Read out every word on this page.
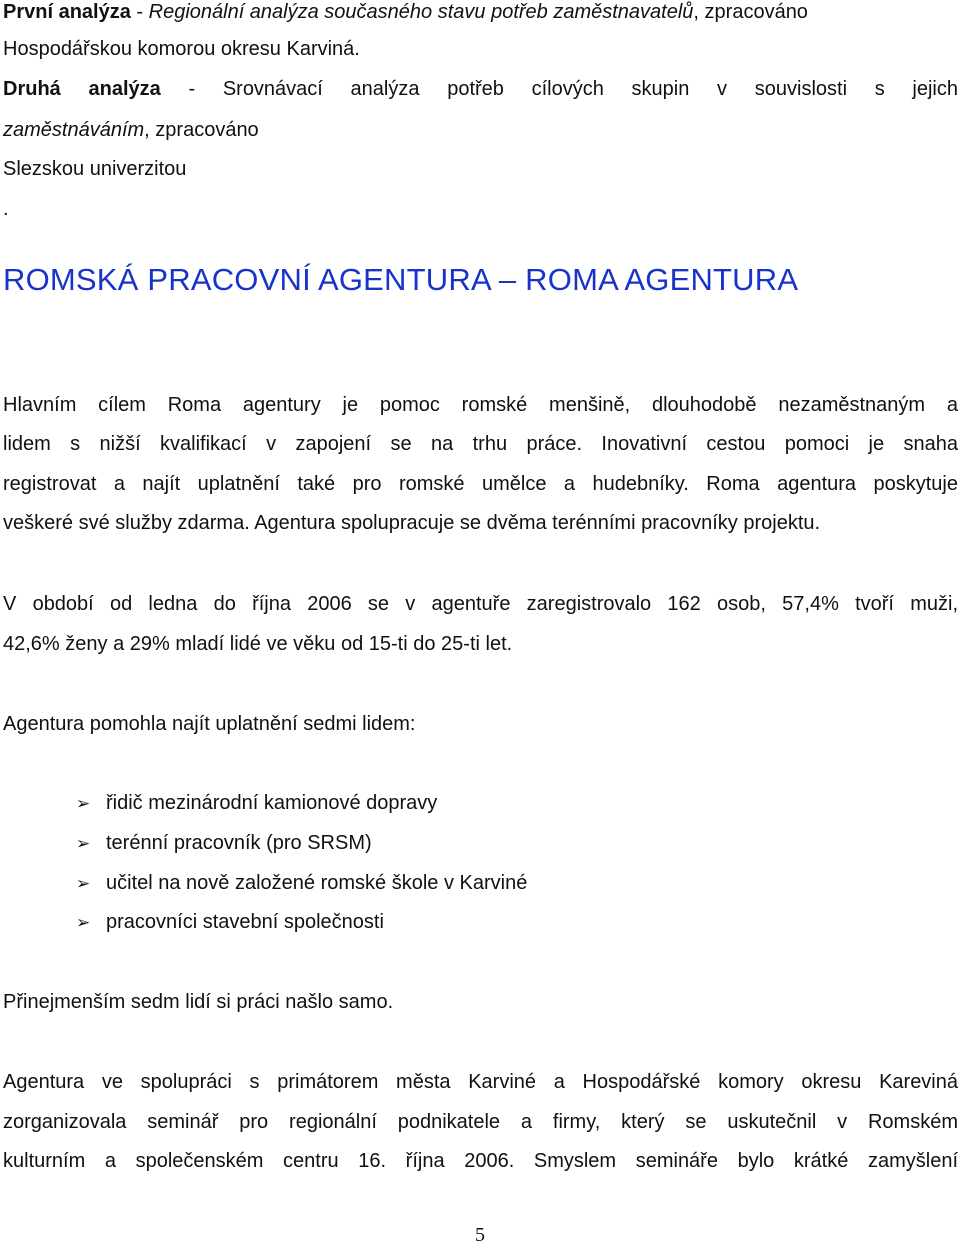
První analýza - Regionální analýza současného stavu potřeb zaměstnavatelů, zpracováno
Hospodářskou komorou okresu Karviná.
Druhá analýza - Srovnávací analýza potřeb cílových skupin v souvislosti s jejich
zaměstnáváním, zpracováno
Slezskou univerzitou
.
ROMSKÁ PRACOVNÍ AGENTURA – ROMA AGENTURA
Hlavním cílem Roma agentury je pomoc romské menšině, dlouhodobě nezaměstnaným a
lidem s nižší kvalifikací v zapojení se na trhu práce. Inovativní cestou pomoci je snaha
registrovat a najít uplatnění také pro romské umělce a hudebníky. Roma agentura poskytuje
veškeré své služby zdarma. Agentura spolupracuje se dvěma terénními pracovníky projektu.
V období od ledna do října 2006 se v agentuře zaregistrovalo 162 osob, 57,4% tvoří muži,
42,6% ženy a 29% mladí lidé ve věku od 15-ti do 25-ti let.
Agentura pomohla najít uplatnění sedmi lidem:
➢ řidič mezinárodní kamionové dopravy
➢ terénní pracovník (pro SRSM)
➢ učitel na nově založené romské škole v Karviné
➢ pracovníci stavební společnosti
Přinejmenším sedm lidí si práci našlo samo.
Agentura ve spolupráci s primátorem města Karviné a Hospodářské komory okresu Kareviná
zorganizovala seminář pro regionální podnikatele a firmy, který se uskutečnil v Romském
kulturním a společenském centru 16. října 2006. Smyslem semináře bylo krátké zamyšlení
5
